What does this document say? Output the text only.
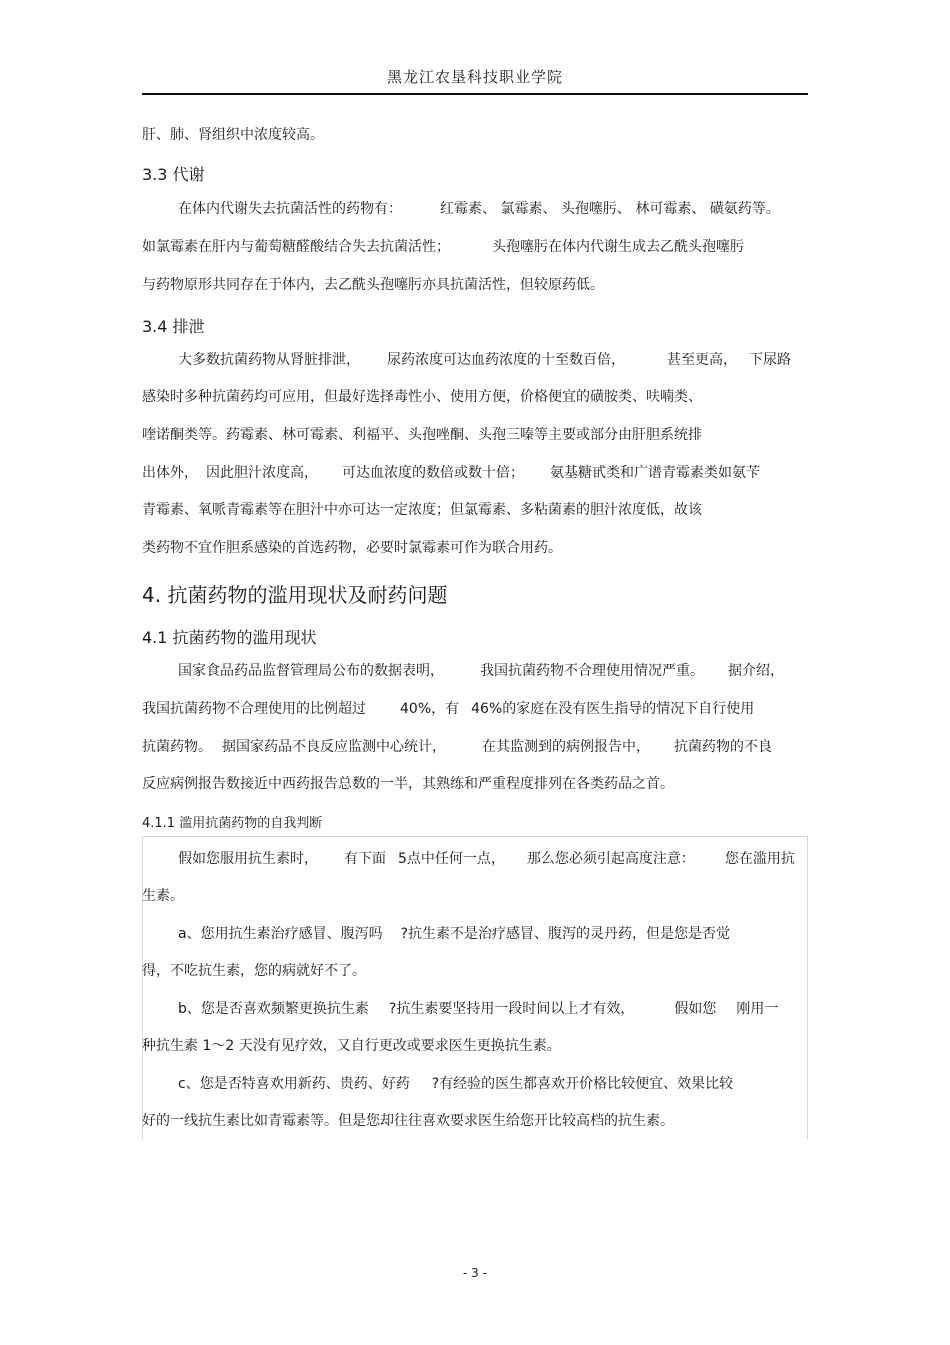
黑龙江农垦科技职业学院
肝、肺、肾组织中浓度较高。
3.3 代谢
在体内代谢失去抗菌活性的药物有：	红霉素、 氯霉素、 头孢噻肟、 林可霉素、 磺氨药等。
如氯霉素在肝内与葡萄糖醛酸结合失去抗菌活性；	头孢噻肟在体内代谢生成去乙酰头孢噻肟
与药物原形共同存在于体内，去乙酰头孢噻肟亦具抗菌活性，但较原药低。
3.4 排泄
大多数抗菌药物从肾脏排泄， 尿药浓度可达血药浓度的十至数百倍，	甚至更高， 下尿路
感染时多种抗菌药均可应用，但最好选择毒性小、使用方便，价格便宜的磺胺类、呋喃类、
喹诺酮类等。药霉素、林可霉素、利福平、头孢唑酮、头孢三嗪等主要或部分由肝胆系统排
出体外， 因此胆汁浓度高， 可达血浓度的数倍或数十倍； 氨基糖甙类和广谱青霉素类如氨苄
青霉素、氧哌青霉素等在胆汁中亦可达一定浓度；但氯霉素、多粘菌素的胆汁浓度低，故该
类药物不宜作胆系感染的首选药物，必要时氯霉素可作为联合用药。
4. 抗菌药物的滥用现状及耐药问题
4.1 抗菌药物的滥用现状
国家食品药品监督管理局公布的数据表明，	我国抗菌药物不合理使用情况严重。 据介绍，
我国抗菌药物不合理使用的比例超过 40%，有 46%的家庭在没有医生指导的情况下自行使用
抗菌药物。 据国家药品不良反应监测中心统计，	在其监测到的病例报告中， 抗菌药物的不良
反应病例报告数接近中西药报告总数的一半，其熟练和严重程度排列在各类药品之首。
4.1.1 滥用抗菌药物的自我判断
假如您服用抗生素时， 有下面 5点中任何一点， 那么您必须引起高度注意： 您在滥用抗
生素。
a、您用抗生素治疗感冒、腹泻吗 ?抗生素不是治疗感冒、腹泻的灵丹药，但是您是否觉
得，不吃抗生素，您的病就好不了。
b、您是否喜欢频繁更换抗生素 ?抗生素要坚持用一段时间以上才有效，	假如您 刚用一
种抗生素 1～2 天没有见疗效，又自行更改或要求医生更换抗生素。
c、您是否特喜欢用新药、贵药、好药 ?有经验的医生都喜欢开价格比较便宜、效果比较
好的一线抗生素比如青霉素等。但是您却往往喜欢要求医生给您开比较高档的抗生素。
- 3 -
